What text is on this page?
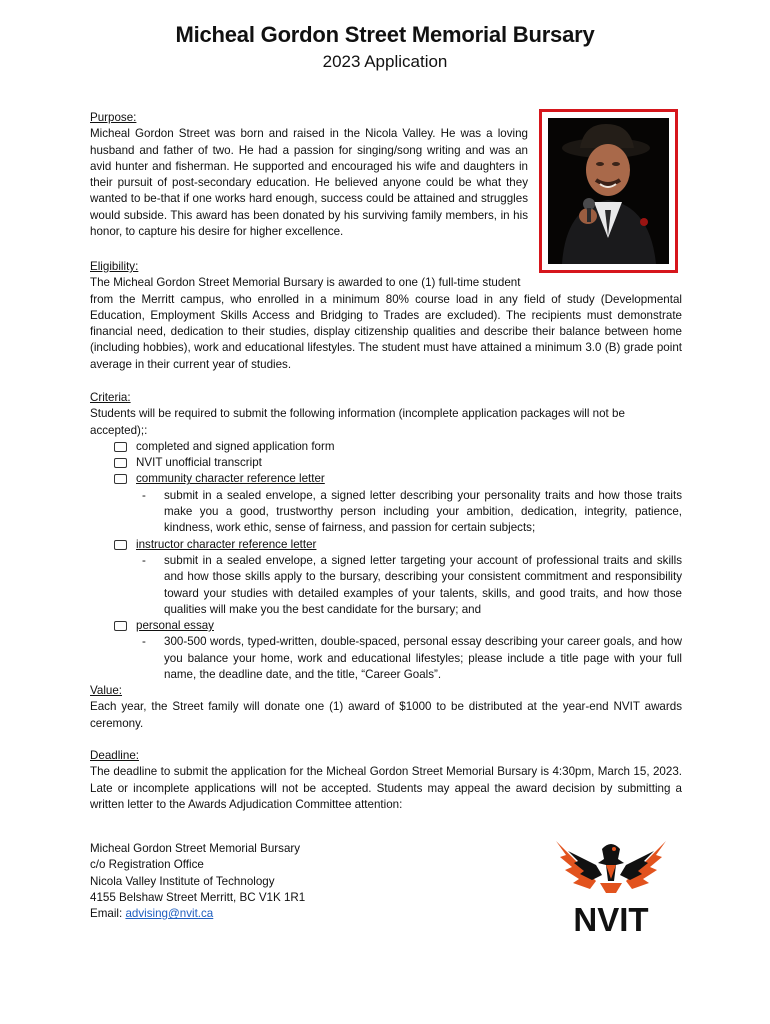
Micheal Gordon Street Memorial Bursary
2023 Application
Purpose:
Micheal Gordon Street was born and raised in the Nicola Valley. He was a loving husband and father of two. He had a passion for singing/song writing and was an avid hunter and fisherman. He supported and encouraged his wife and daughters in their pursuit of post-secondary education. He believed anyone could be what they wanted to be-that if one works hard enough, success could be attained and struggles would subside. This award has been donated by his surviving family members, in his honor, to capture his desire for higher excellence.
Eligibility:
The Micheal Gordon Street Memorial Bursary is awarded to one (1) full-time student
from the Merritt campus, who enrolled in a minimum 80% course load in any field of study (Developmental Education, Employment Skills Access and Bridging to Trades are excluded). The recipients must demonstrate financial need, dedication to their studies, display citizenship qualities and describe their balance between home (including hobbies), work and educational lifestyles. The student must have attained a minimum 3.0 (B) grade point average in their current year of studies.
Criteria:
Students will be required to submit the following information (incomplete application packages will not be accepted);:
completed and signed application form
NVIT unofficial transcript
community character reference letter
- submit in a sealed envelope, a signed letter describing your personality traits and how those traits make you a good, trustworthy person including your ambition, dedication, integrity, patience, kindness, work ethic, sense of fairness, and passion for certain subjects;
instructor character reference letter
- submit in a sealed envelope, a signed letter targeting your account of professional traits and skills and how those skills apply to the bursary, describing your consistent commitment and responsibility toward your studies with detailed examples of your talents, skills, and good traits, and how those qualities will make you the best candidate for the bursary; and
personal essay
- 300-500 words, typed-written, double-spaced, personal essay describing your career goals, and how you balance your home, work and educational lifestyles; please include a title page with your full name, the deadline date, and the title, “Career Goals”.
Value:
Each year, the Street family will donate one (1) award of $1000 to be distributed at the year-end NVIT awards ceremony.
Deadline:
The deadline to submit the application for the Micheal Gordon Street Memorial Bursary is 4:30pm, March 15, 2023. Late or incomplete applications will not be accepted. Students may appeal the award decision by submitting a written letter to the Awards Adjudication Committee attention:
Micheal Gordon Street Memorial Bursary
c/o Registration Office
Nicola Valley Institute of Technology
4155 Belshaw Street Merritt, BC V1K 1R1
Email: advising@nvit.ca	NVIT
